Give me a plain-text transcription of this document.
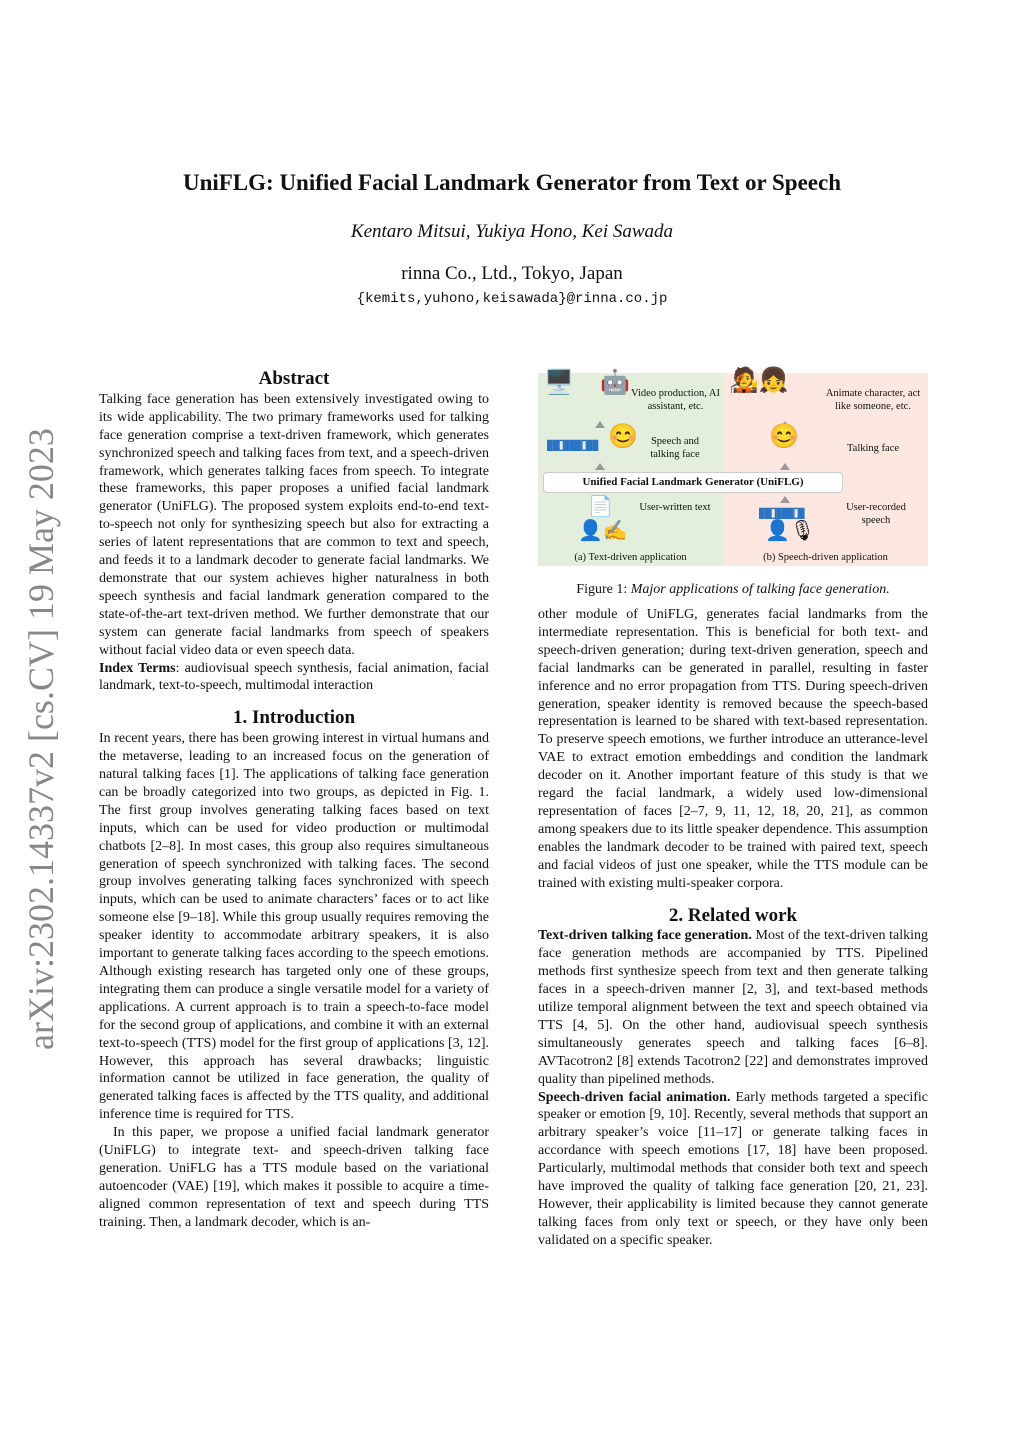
arXiv:2302.14337v2 [cs.CV] 19 May 2023
UniFLG: Unified Facial Landmark Generator from Text or Speech
Kentaro Mitsui, Yukiya Hono, Kei Sawada
rinna Co., Ltd., Tokyo, Japan
{kemits,yuhono,keisawada}@rinna.co.jp
Abstract

Talking face generation has been extensively investigated owing to its wide applicability. The two primary frameworks used for talking face generation comprise a text-driven framework, which generates synchronized speech and talking faces from text, and a speech-driven framework, which generates talking faces from speech. To integrate these frameworks, this paper proposes a unified facial landmark generator (UniFLG). The proposed system exploits end-to-end text-to-speech not only for synthesizing speech but also for extracting a series of latent representations that are common to text and speech, and feeds it to a landmark decoder to generate facial landmarks. We demonstrate that our system achieves higher naturalness in both speech synthesis and facial landmark generation compared to the state-of-the-art text-driven method. We further demonstrate that our system can generate facial landmarks from speech of speakers without facial video data or even speech data.

Index Terms: audiovisual speech synthesis, facial animation, facial landmark, text-to-speech, multimodal interaction

1. Introduction

In recent years, there has been growing interest in virtual humans and the metaverse, leading to an increased focus on the generation of natural talking faces [1]. The applications of talking face generation can be broadly categorized into two groups, as depicted in Fig. 1. The first group involves generating talking faces based on text inputs, which can be used for video production or multimodal chatbots [2–8]. In most cases, this group also requires simultaneous generation of speech synchronized with talking faces. The second group involves generating talking faces synchronized with speech inputs, which can be used to animate characters’ faces or to act like someone else [9–18]. While this group usually requires removing the speaker identity to accommodate arbitrary speakers, it is also important to generate talking faces according to the speech emotions. Although existing research has targeted only one of these groups, integrating them can produce a single versatile model for a variety of applications. A current approach is to train a speech-to-face model for the second group of applications, and combine it with an external text-to-speech (TTS) model for the first group of applications [3, 12]. However, this approach has several drawbacks; linguistic information cannot be utilized in face generation, the quality of generated talking faces is affected by the TTS quality, and additional inference time is required for TTS.

In this paper, we propose a unified facial landmark generator (UniFLG) to integrate text- and speech-driven talking face generation. UniFLG has a TTS module based on the variational autoencoder (VAE) [19], which makes it possible to acquire a time-aligned common representation of text and speech during TTS training. Then, a landmark decoder, which is an-

🖥️ 🤖 Video production, AI assistant, etc.
▮▮▯▮▮▮▯▮▮ 😊	Speech and talking face
📄	User-written text
👤✍
(a) Text-driven application
🧑‍🎤👧	Animate character, act like someone, etc.
😊	Talking face
▮▮▯▮▮▮▯▮	User-recorded speech
👤🎙
(b) Speech-driven application
Unified Facial Landmark Generator (UniFLG)
Figure 1: Major applications of talking face generation.

other module of UniFLG, generates facial landmarks from the intermediate representation. This is beneficial for both text- and speech-driven generation; during text-driven generation, speech and facial landmarks can be generated in parallel, resulting in faster inference and no error propagation from TTS. During speech-driven generation, speaker identity is removed because the speech-based representation is learned to be shared with text-based representation. To preserve speech emotions, we further introduce an utterance-level VAE to extract emotion embeddings and condition the landmark decoder on it. Another important feature of this study is that we regard the facial landmark, a widely used low-dimensional representation of faces [2–7, 9, 11, 12, 18, 20, 21], as common among speakers due to its little speaker dependence. This assumption enables the landmark decoder to be trained with paired text, speech and facial videos of just one speaker, while the TTS module can be trained with existing multi-speaker corpora.

2. Related work

Text-driven talking face generation. Most of the text-driven talking face generation methods are accompanied by TTS. Pipelined methods first synthesize speech from text and then generate talking faces in a speech-driven manner [2, 3], and text-based methods utilize temporal alignment between the text and speech obtained via TTS [4, 5]. On the other hand, audiovisual speech synthesis simultaneously generates speech and talking faces [6–8]. AVTacotron2 [8] extends Tacotron2 [22] and demonstrates improved quality than pipelined methods.

Speech-driven facial animation. Early methods targeted a specific speaker or emotion [9, 10]. Recently, several methods that support an arbitrary speaker’s voice [11–17] or generate talking faces in accordance with speech emotions [17, 18] have been proposed. Particularly, multimodal methods that consider both text and speech have improved the quality of talking face generation [20, 21, 23]. However, their applicability is limited because they cannot generate talking faces from only text or speech, or they have only been validated on a specific speaker.
